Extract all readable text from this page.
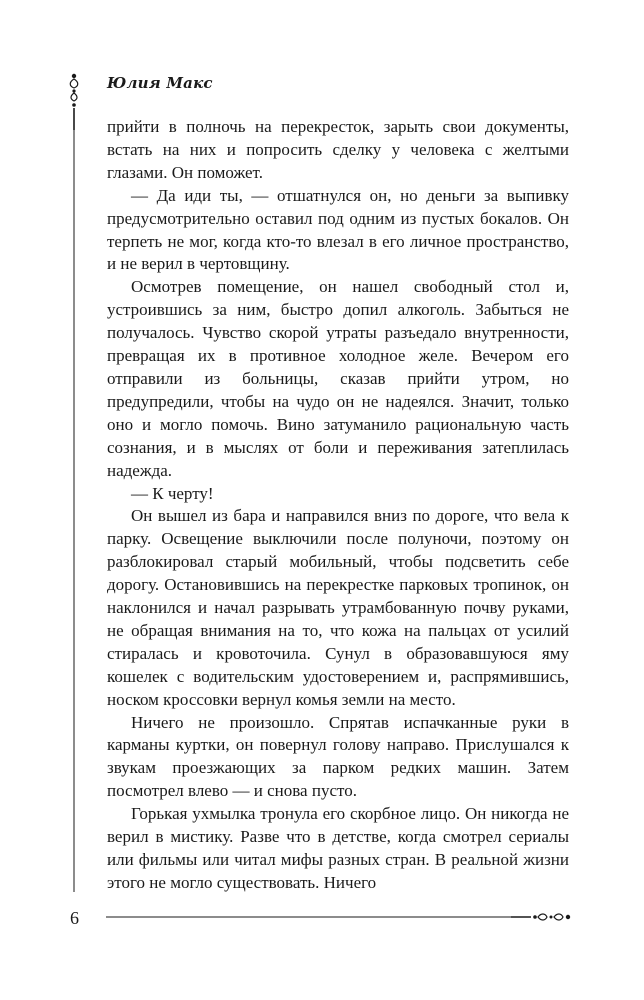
Юлия Макс

прийти в полночь на перекресток, зарыть свои документы, встать на них и попросить сделку у человека с желтыми глазами. Он поможет.

— Да иди ты, — отшатнулся он, но деньги за выпивку предусмотрительно оставил под одним из пустых бокалов. Он терпеть не мог, когда кто-то влезал в его личное пространство, и не верил в чертовщину.

Осмотрев помещение, он нашел свободный стол и, устроившись за ним, быстро допил алкоголь. Забыться не получалось. Чувство скорой утраты разъедало внутренности, превращая их в противное холодное желе. Вечером его отправили из больницы, сказав прийти утром, но предупредили, чтобы на чудо он не надеялся. Значит, только оно и могло помочь. Вино затуманило рациональную часть сознания, и в мыслях от боли и переживания затеплилась надежда.

— К черту!

Он вышел из бара и направился вниз по дороге, что вела к парку. Освещение выключили после полуночи, поэтому он разблокировал старый мобильный, чтобы подсветить себе дорогу. Остановившись на перекрестке парковых тропинок, он наклонился и начал разрывать утрамбованную почву руками, не обращая внимания на то, что кожа на пальцах от усилий стиралась и кровоточила. Сунул в образовавшуюся яму кошелек с водительским удостоверением и, распрямившись, носком кроссовки вернул комья земли на место.

Ничего не произошло. Спрятав испачканные руки в карманы куртки, он повернул голову направо. Прислушался к звукам проезжающих за парком редких машин. Затем посмотрел влево — и снова пусто.

Горькая ухмылка тронула его скорбное лицо. Он никогда не верил в мистику. Разве что в детстве, когда смотрел сериалы или фильмы или читал мифы разных стран. В реальной жизни этого не могло существовать. Ничего

6
